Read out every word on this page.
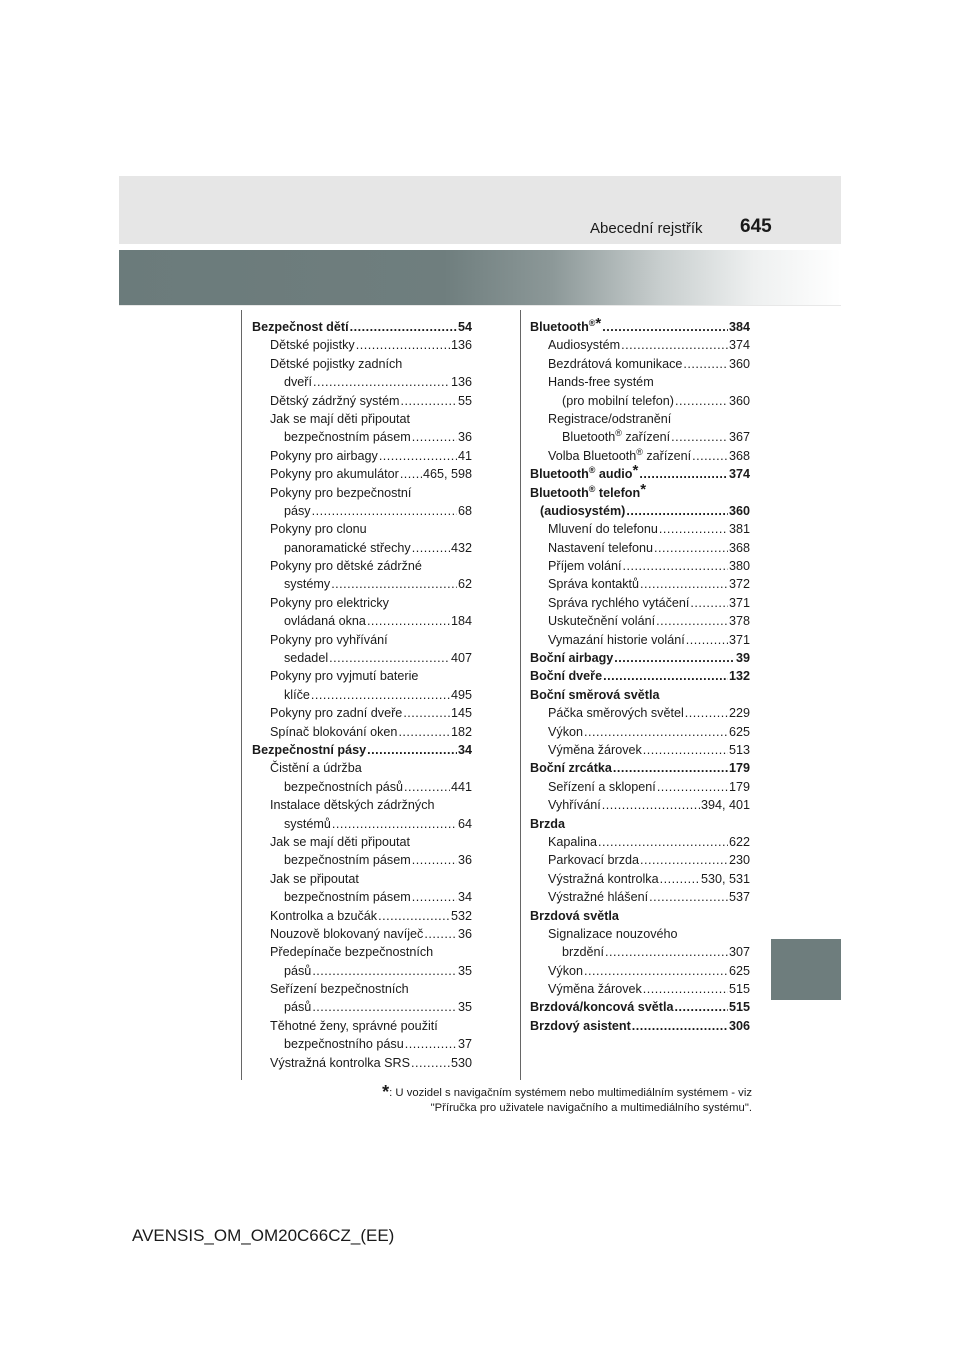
Abecední rejstřík 645
Bezpečnost dětí .....	54
Dětské pojistky .....	136
Dětské pojistky zadních
dveří .....	136
Dětský zádržný systém .....	55
Jak se mají děti připoutat
bezpečnostním pásem .....	36
Pokyny pro airbagy .....	41
Pokyny pro akumulátor ..... 465, 598
Pokyny pro bezpečnostní
pásy .....	68
Pokyny pro clonu
panoramatické střechy .....	432
Pokyny pro dětské zádržné
systémy .....	62
Pokyny pro elektricky
ovládaná okna .....	184
Pokyny pro vyhřívání
sedadel .....	407
Pokyny pro vyjmutí baterie
klíče .....	495
Pokyny pro zadní dveře .....	145
Spínač blokování oken .....	182
Bezpečnostní pásy .....	34
Čistění a údržba
bezpečnostních pásů .....	441
Instalace dětských zádržných
systémů .....	64
Jak se mají děti připoutat
bezpečnostním pásem .....	36
Jak se připoutat
bezpečnostním pásem .....	34
Kontrolka a bzučák .....	532
Nouzově blokovaný navíječ .....	36
Předepínače bezpečnostních
pásů .....	35
Seřízení bezpečnostních
pásů .....	35
Těhotné ženy, správné použití
bezpečnostního pásu .....	37
Výstražná kontrolka SRS .....	530
Bluetooth®* .....	384
Audiosystém .....	374
Bezdrátová komunikace .....	360
Hands-free systém
(pro mobilní telefon) .....	360
Registrace/odstranění
Bluetooth® zařízení .....	367
Volba Bluetooth® zařízení .....	368
Bluetooth® audio* .....	374
Bluetooth® telefon*
(audiosystém) .....	360
Mluvení do telefonu .....	381
Nastavení telefonu .....	368
Příjem volání .....	380
Správa kontaktů .....	372
Správa rychlého vytáčení .....	371
Uskutečnění volání .....	378
Vymazání historie volání .....	371
Boční airbagy .....	39
Boční dveře .....	132
Boční směrová světla
Páčka směrových světel .....	229
Výkon .....	625
Výměna žárovek .....	513
Boční zrcátka .....	179
Seřízení a sklopení .....	179
Vyhřívání .....	394, 401
Brzda
Kapalina .....	622
Parkovací brzda .....	230
Výstražná kontrolka .....	530, 531
Výstražné hlášení .....	537
Brzdová světla
Signalizace nouzového
brzdění .....	307
Výkon .....	625
Výměna žárovek .....	515
Brzdová/koncová světla .....	515
Brzdový asistent .....	306
*: U vozidel s navigačním systémem nebo multimediálním systémem - viz
"Příručka pro uživatele navigačního a multimediálního systému".
AVENSIS_OM_OM20C66CZ_(EE)
